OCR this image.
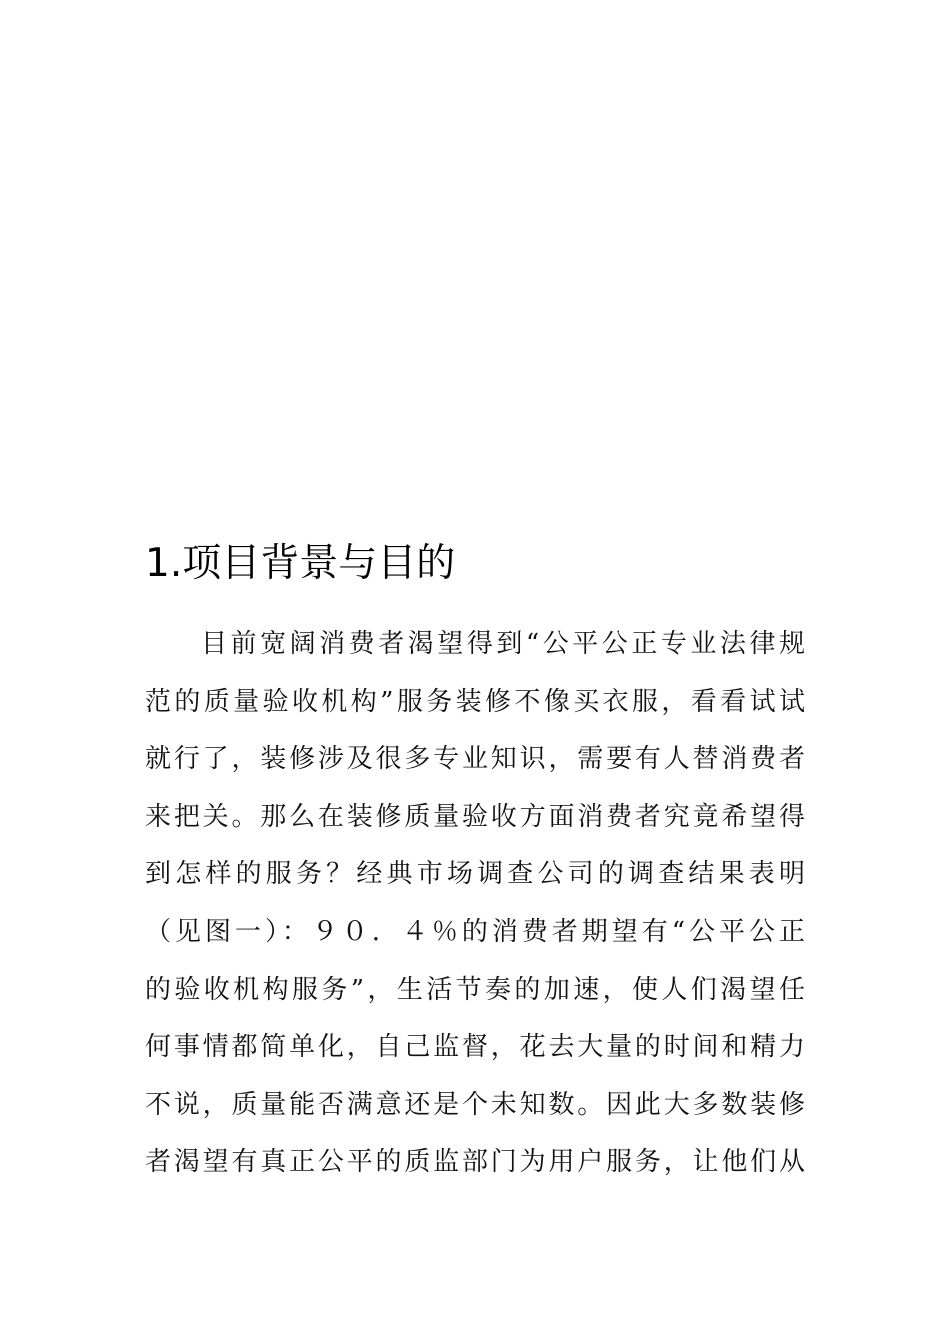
1.项目背景与目的
目前宽阔消费者渴望得到“公平公正专业法律规
范的质量验收机构”服务装修不像买衣服，看看试试
就行了，装修涉及很多专业知识，需要有人替消费者
来把关。那么在装修质量验收方面消费者究竟希望得
到怎样的服务？经典市场调查公司的调查结果表明
（见图一）：９０．４％的消费者期望有“公平公正
的验收机构服务”，生活节奏的加速，使人们渴望任
何事情都简单化，自己监督，花去大量的时间和精力
不说，质量能否满意还是个未知数。因此大多数装修
者渴望有真正公平的质监部门为用户服务，让他们从
